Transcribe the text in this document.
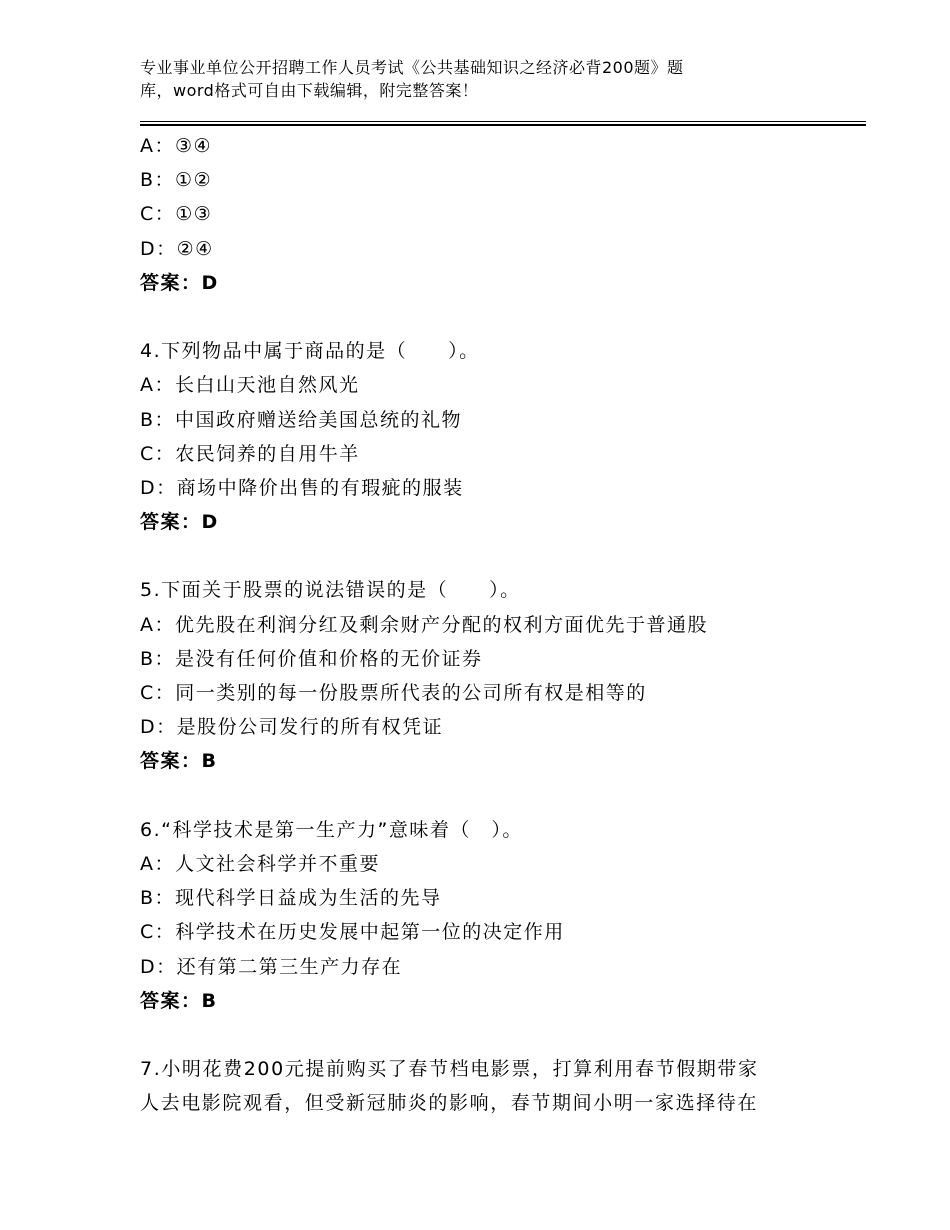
专业事业单位公开招聘工作人员考试《公共基础知识之经济必背200题》题
库，word格式可自由下载编辑，附完整答案！
A：③④
B：①②
C：①③
D：②④
答案：D
4.下列物品中属于商品的是（　　）。
A：长白山天池自然风光
B：中国政府赠送给美国总统的礼物
C：农民饲养的自用牛羊
D：商场中降价出售的有瑕疵的服装
答案：D
5.下面关于股票的说法错误的是（　　）。
A：优先股在利润分红及剩余财产分配的权利方面优先于普通股
B：是没有任何价值和价格的无价证券
C：同一类别的每一份股票所代表的公司所有权是相等的
D：是股份公司发行的所有权凭证
答案：B
6.“科学技术是第一生产力”意味着（　）。
A：人文社会科学并不重要
B：现代科学日益成为生活的先导
C：科学技术在历史发展中起第一位的决定作用
D：还有第二第三生产力存在
答案：B
7.小明花费200元提前购买了春节档电影票，打算利用春节假期带家
人去电影院观看，但受新冠肺炎的影响，春节期间小明一家选择待在
